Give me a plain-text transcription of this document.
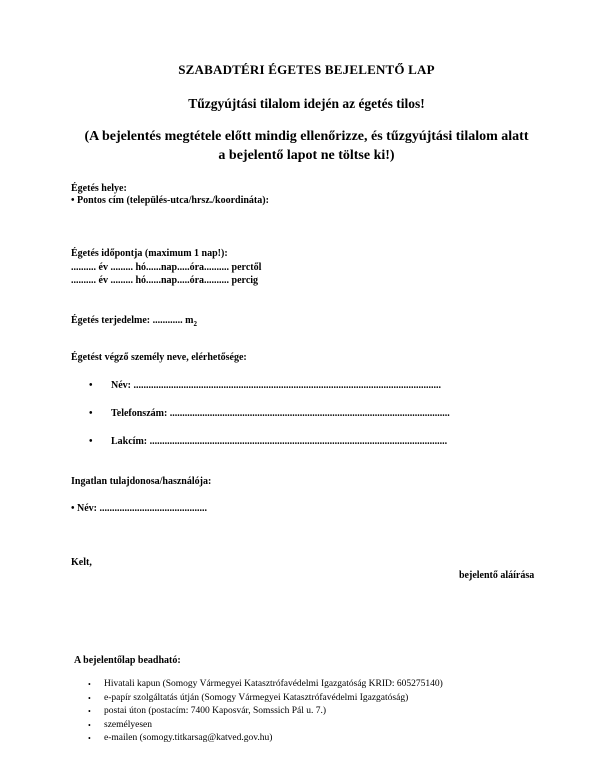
SZABADTÉRI ÉGETES BEJELENTŐ LAP
Tűzgyújtási tilalom idején az égetés tilos!
(A bejelentés megtétele előtt mindig ellenőrizze, és tűzgyújtási tilalom alatt
a bejelentő lapot ne töltse ki!)
Égetés helye:
• Pontos cím (település-utca/hrsz./koordináta):
Égetés időpontja (maximum 1 nap!):
.......... év ......... hó......nap.....óra.......... perctől
.......... év ......... hó......nap.....óra.......... percig
Égetés terjedelme: ............ $m_2$
Égetést végző személy neve, elérhetősége:
• Név: ...........................................................................................................................
• Telefonszám: ................................................................................................................
• Lakcím: .......................................................................................................................
Ingatlan tulajdonosa/használója:
• Név: ...........................................
Kelt,
bejelentő aláírása
A bejelentőlap beadható:
• Hivatali kapun (Somogy Vármegyei Katasztrófavédelmi Igazgatóság KRID: 605275140)
• e-papír szolgáltatás útján (Somogy Vármegyei Katasztrófavédelmi Igazgatóság)
• postai úton (postacím: 7400 Kaposvár, Somssich Pál u. 7.)
• személyesen
• e-mailen (somogy.titkarsag@katved.gov.hu)
